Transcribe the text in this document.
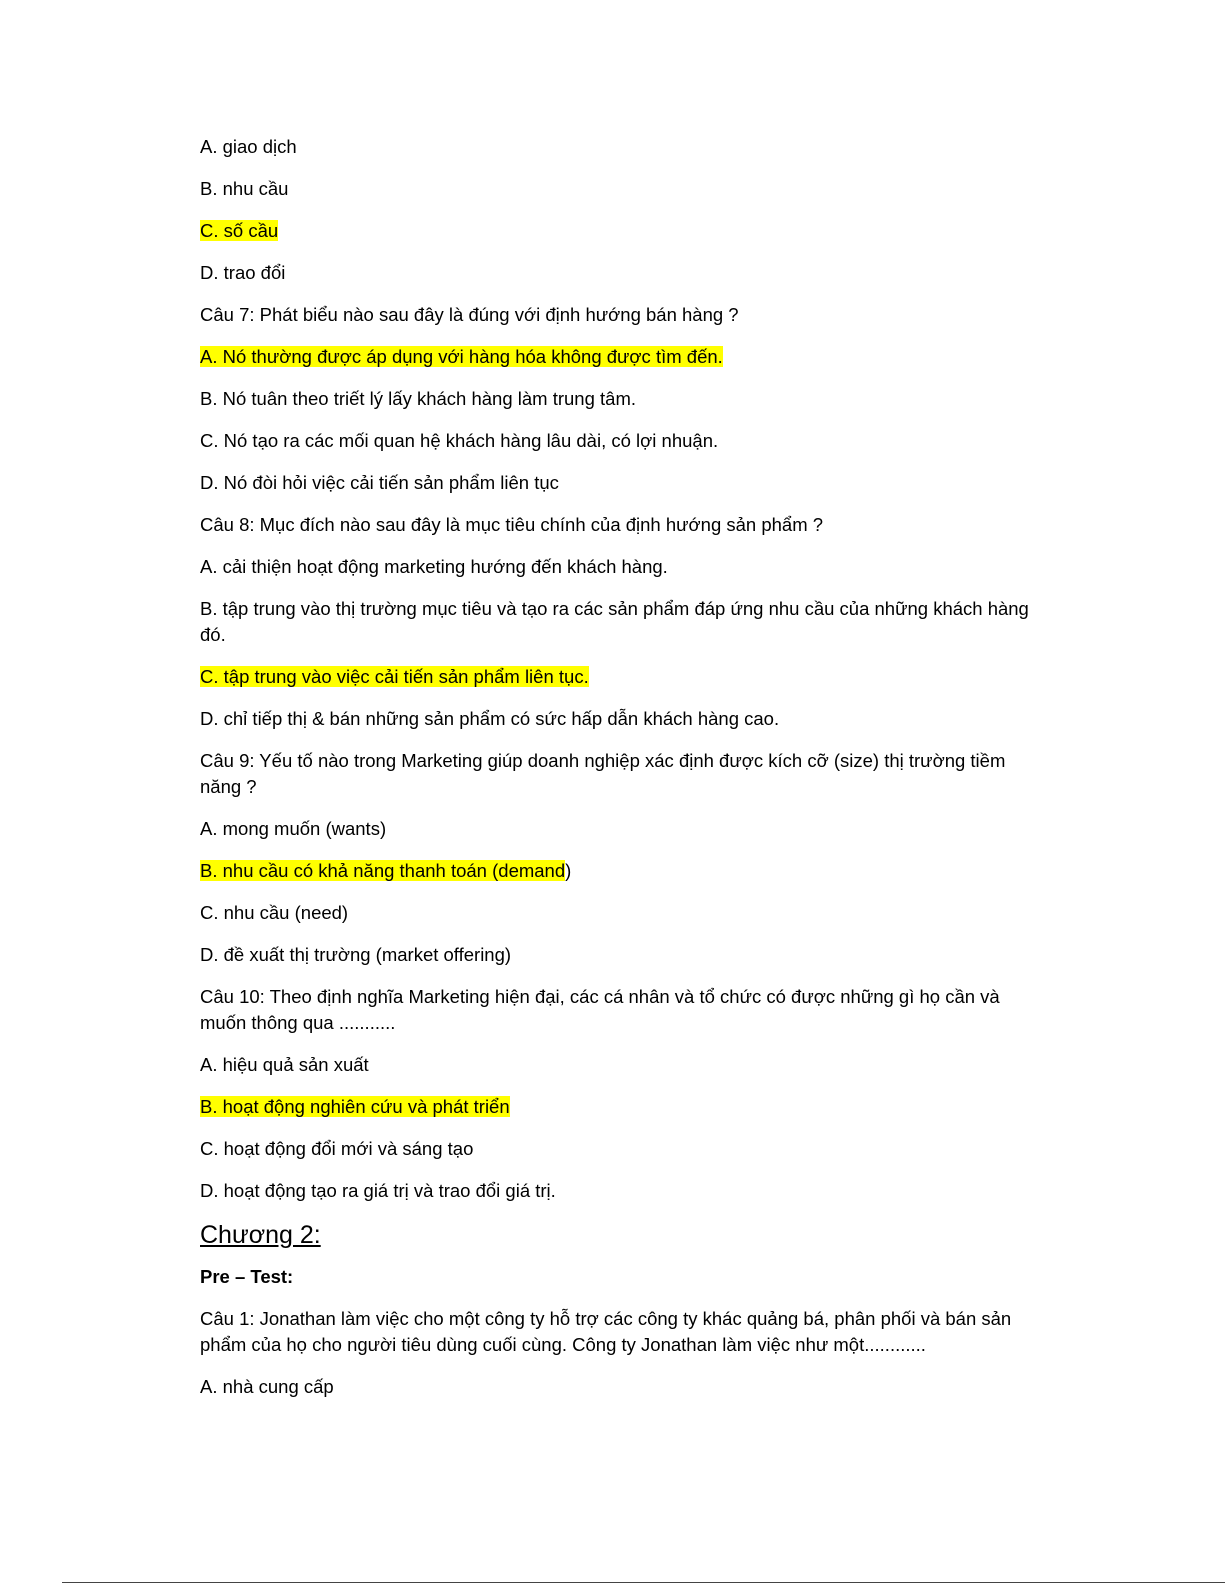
A. giao dịch

B. nhu cầu

C. số cầu

D. trao đổi

Câu 7: Phát biểu nào sau đây là đúng với định hướng bán hàng ?

A. Nó thường được áp dụng với hàng hóa không được tìm đến.

B. Nó tuân theo triết lý lấy khách hàng làm trung tâm.

C. Nó tạo ra các mối quan hệ khách hàng lâu dài, có lợi nhuận.

D. Nó đòi hỏi việc cải tiến sản phẩm liên tục

Câu 8: Mục đích nào sau đây là mục tiêu chính của định hướng sản phẩm ?

A. cải thiện hoạt động marketing hướng đến khách hàng.

B. tập trung vào thị trường mục tiêu và tạo ra các sản phẩm đáp ứng nhu cầu của những khách hàng đó.

C. tập trung vào việc cải tiến sản phẩm liên tục.

D. chỉ tiếp thị & bán những sản phẩm có sức hấp dẫn khách hàng cao.

Câu 9: Yếu tố nào trong Marketing giúp doanh nghiệp xác định được kích cỡ (size) thị trường tiềm năng ?

A. mong muốn (wants)

B. nhu cầu có khả năng thanh toán (demand)

C. nhu cầu (need)

D. đề xuất thị trường (market offering)

Câu 10: Theo định nghĩa Marketing hiện đại, các cá nhân và tổ chức có được những gì họ cần và muốn thông qua ...........

A. hiệu quả sản xuất

B. hoạt động nghiên cứu và phát triển

C. hoạt động đổi mới và sáng tạo

D. hoạt động tạo ra giá trị và trao đổi giá trị.

Chương 2:

Pre – Test:

Câu 1: Jonathan làm việc cho một công ty hỗ trợ các công ty khác quảng bá, phân phối và bán sản phẩm của họ cho người tiêu dùng cuối cùng. Công ty Jonathan làm việc như một............

A. nhà cung cấp
